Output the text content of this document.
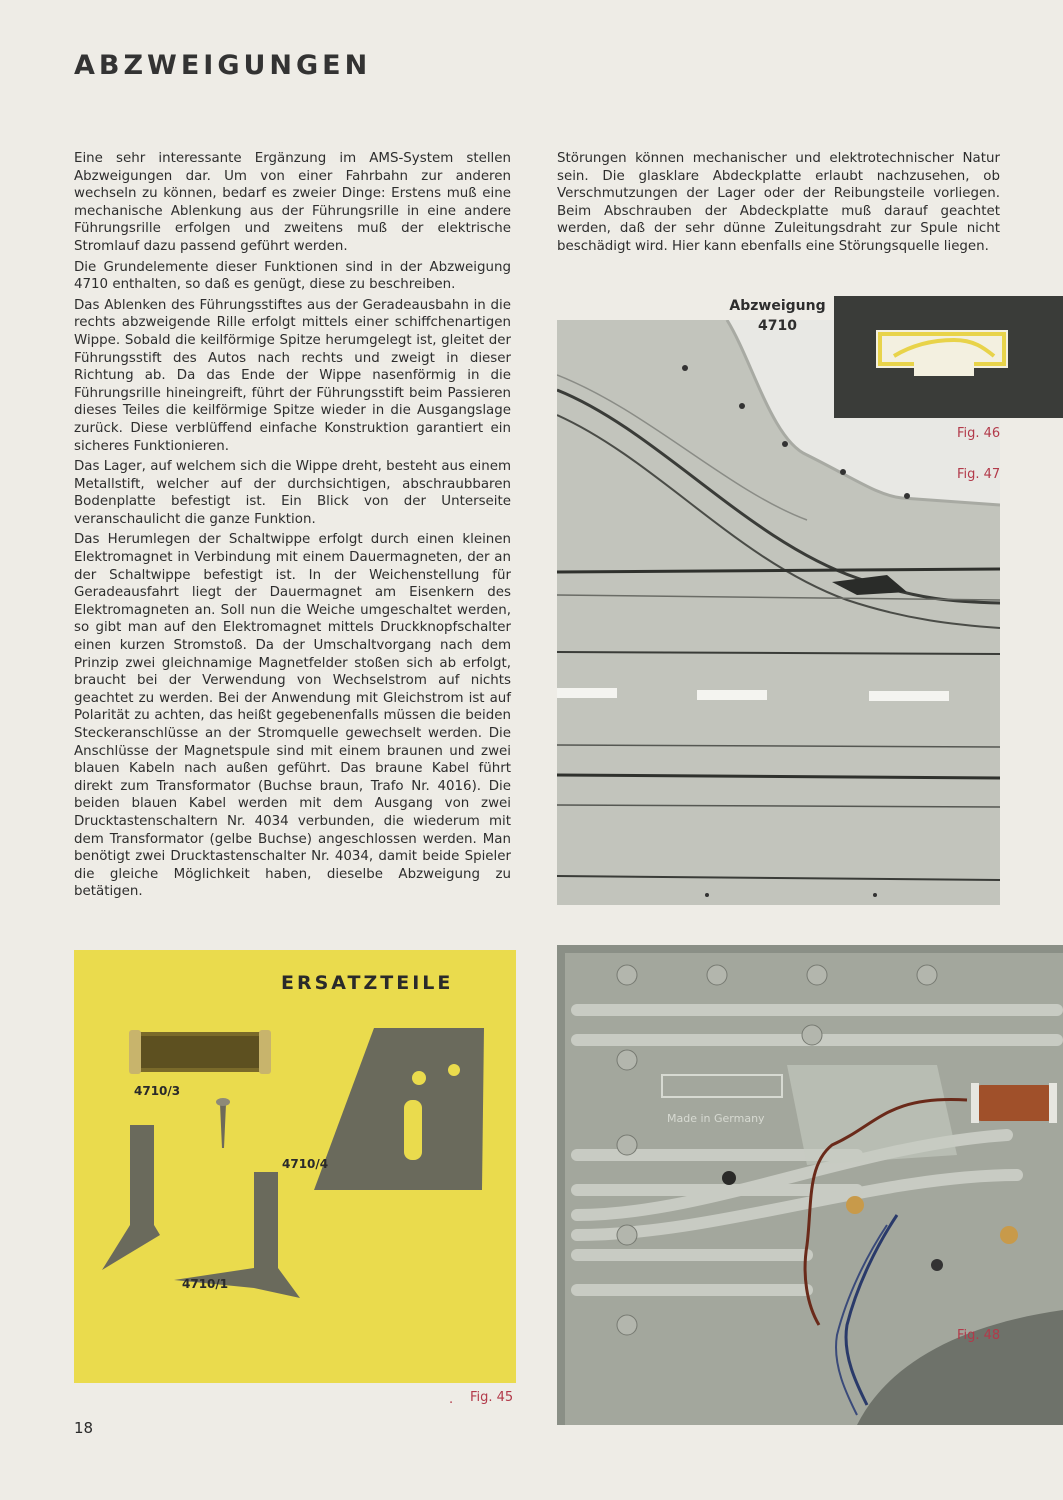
ABZWEIGUNGEN

Eine sehr interessante Ergänzung im AMS-System stellen Abzweigungen dar. Um von einer Fahrbahn zur anderen wechseln zu können, bedarf es zweier Dinge: Erstens muß eine mechanische Ablenkung aus der Führungsrille in eine andere Führungsrille erfolgen und zweitens muß der elektrische Stromlauf dazu passend geführt werden.

Die Grundelemente dieser Funktionen sind in der Abzweigung 4710 enthalten, so daß es genügt, diese zu beschreiben.

Das Ablenken des Führungsstiftes aus der Geradeausbahn in die rechts abzweigende Rille erfolgt mittels einer schiffchenartigen Wippe. Sobald die keilförmige Spitze herumgelegt ist, gleitet der Führungsstift des Autos nach rechts und zweigt in dieser Richtung ab. Da das Ende der Wippe nasenförmig in die Führungsrille hineingreift, führt der Führungsstift beim Passieren dieses Teiles die keilförmige Spitze wieder in die Ausgangslage zurück. Diese verblüffend einfache Konstruktion garantiert ein sicheres Funktionieren.

Das Lager, auf welchem sich die Wippe dreht, besteht aus einem Metallstift, welcher auf der durchsichtigen, abschraubbaren Bodenplatte befestigt ist. Ein Blick von der Unterseite veranschaulicht die ganze Funktion.

Das Herumlegen der Schaltwippe erfolgt durch einen kleinen Elektromagnet in Verbindung mit einem Dauermagneten, der an der Schaltwippe befestigt ist. In der Weichenstellung für Geradeausfahrt liegt der Dauermagnet am Eisenkern des Elektromagneten an. Soll nun die Weiche umgeschaltet werden, so gibt man auf den Elektromagnet mittels Druckknopfschalter einen kurzen Stromstoß. Da der Umschaltvorgang nach dem Prinzip zwei gleichnamige Magnetfelder stoßen sich ab erfolgt, braucht bei der Verwendung von Wechselstrom auf nichts geachtet zu werden. Bei der Anwendung mit Gleichstrom ist auf Polarität zu achten, das heißt gegebenenfalls müssen die beiden Steckeranschlüsse an der Stromquelle gewechselt werden. Die Anschlüsse der Magnetspule sind mit einem braunen und zwei blauen Kabeln nach außen geführt. Das braune Kabel führt direkt zum Transformator (Buchse braun, Trafo Nr. 4016). Die beiden blauen Kabel werden mit dem Ausgang von zwei Drucktastenschaltern Nr. 4034 verbunden, die wiederum mit dem Transformator (gelbe Buchse) angeschlossen werden. Man benötigt zwei Drucktastenschalter Nr. 4034, damit beide Spieler die gleiche Möglichkeit haben, dieselbe Abzweigung zu betätigen.

Störungen können mechanischer und elektrotechnischer Natur sein. Die glasklare Abdeckplatte erlaubt nachzusehen, ob Verschmutzungen der Lager oder der Reibungsteile vorliegen. Beim Abschrauben der Abdeckplatte muß darauf geachtet werden, daß der sehr dünne Zuleitungsdraht zur Spule nicht beschädigt wird. Hier kann ebenfalls eine Störungsquelle liegen.

Abzweigung
4710
4710
Fig. 46
Fig. 47
ERSATZTEILE
4710/3
4710/4
4710/1
· Fig. 45
Made in Germany
Fig. 48
18
